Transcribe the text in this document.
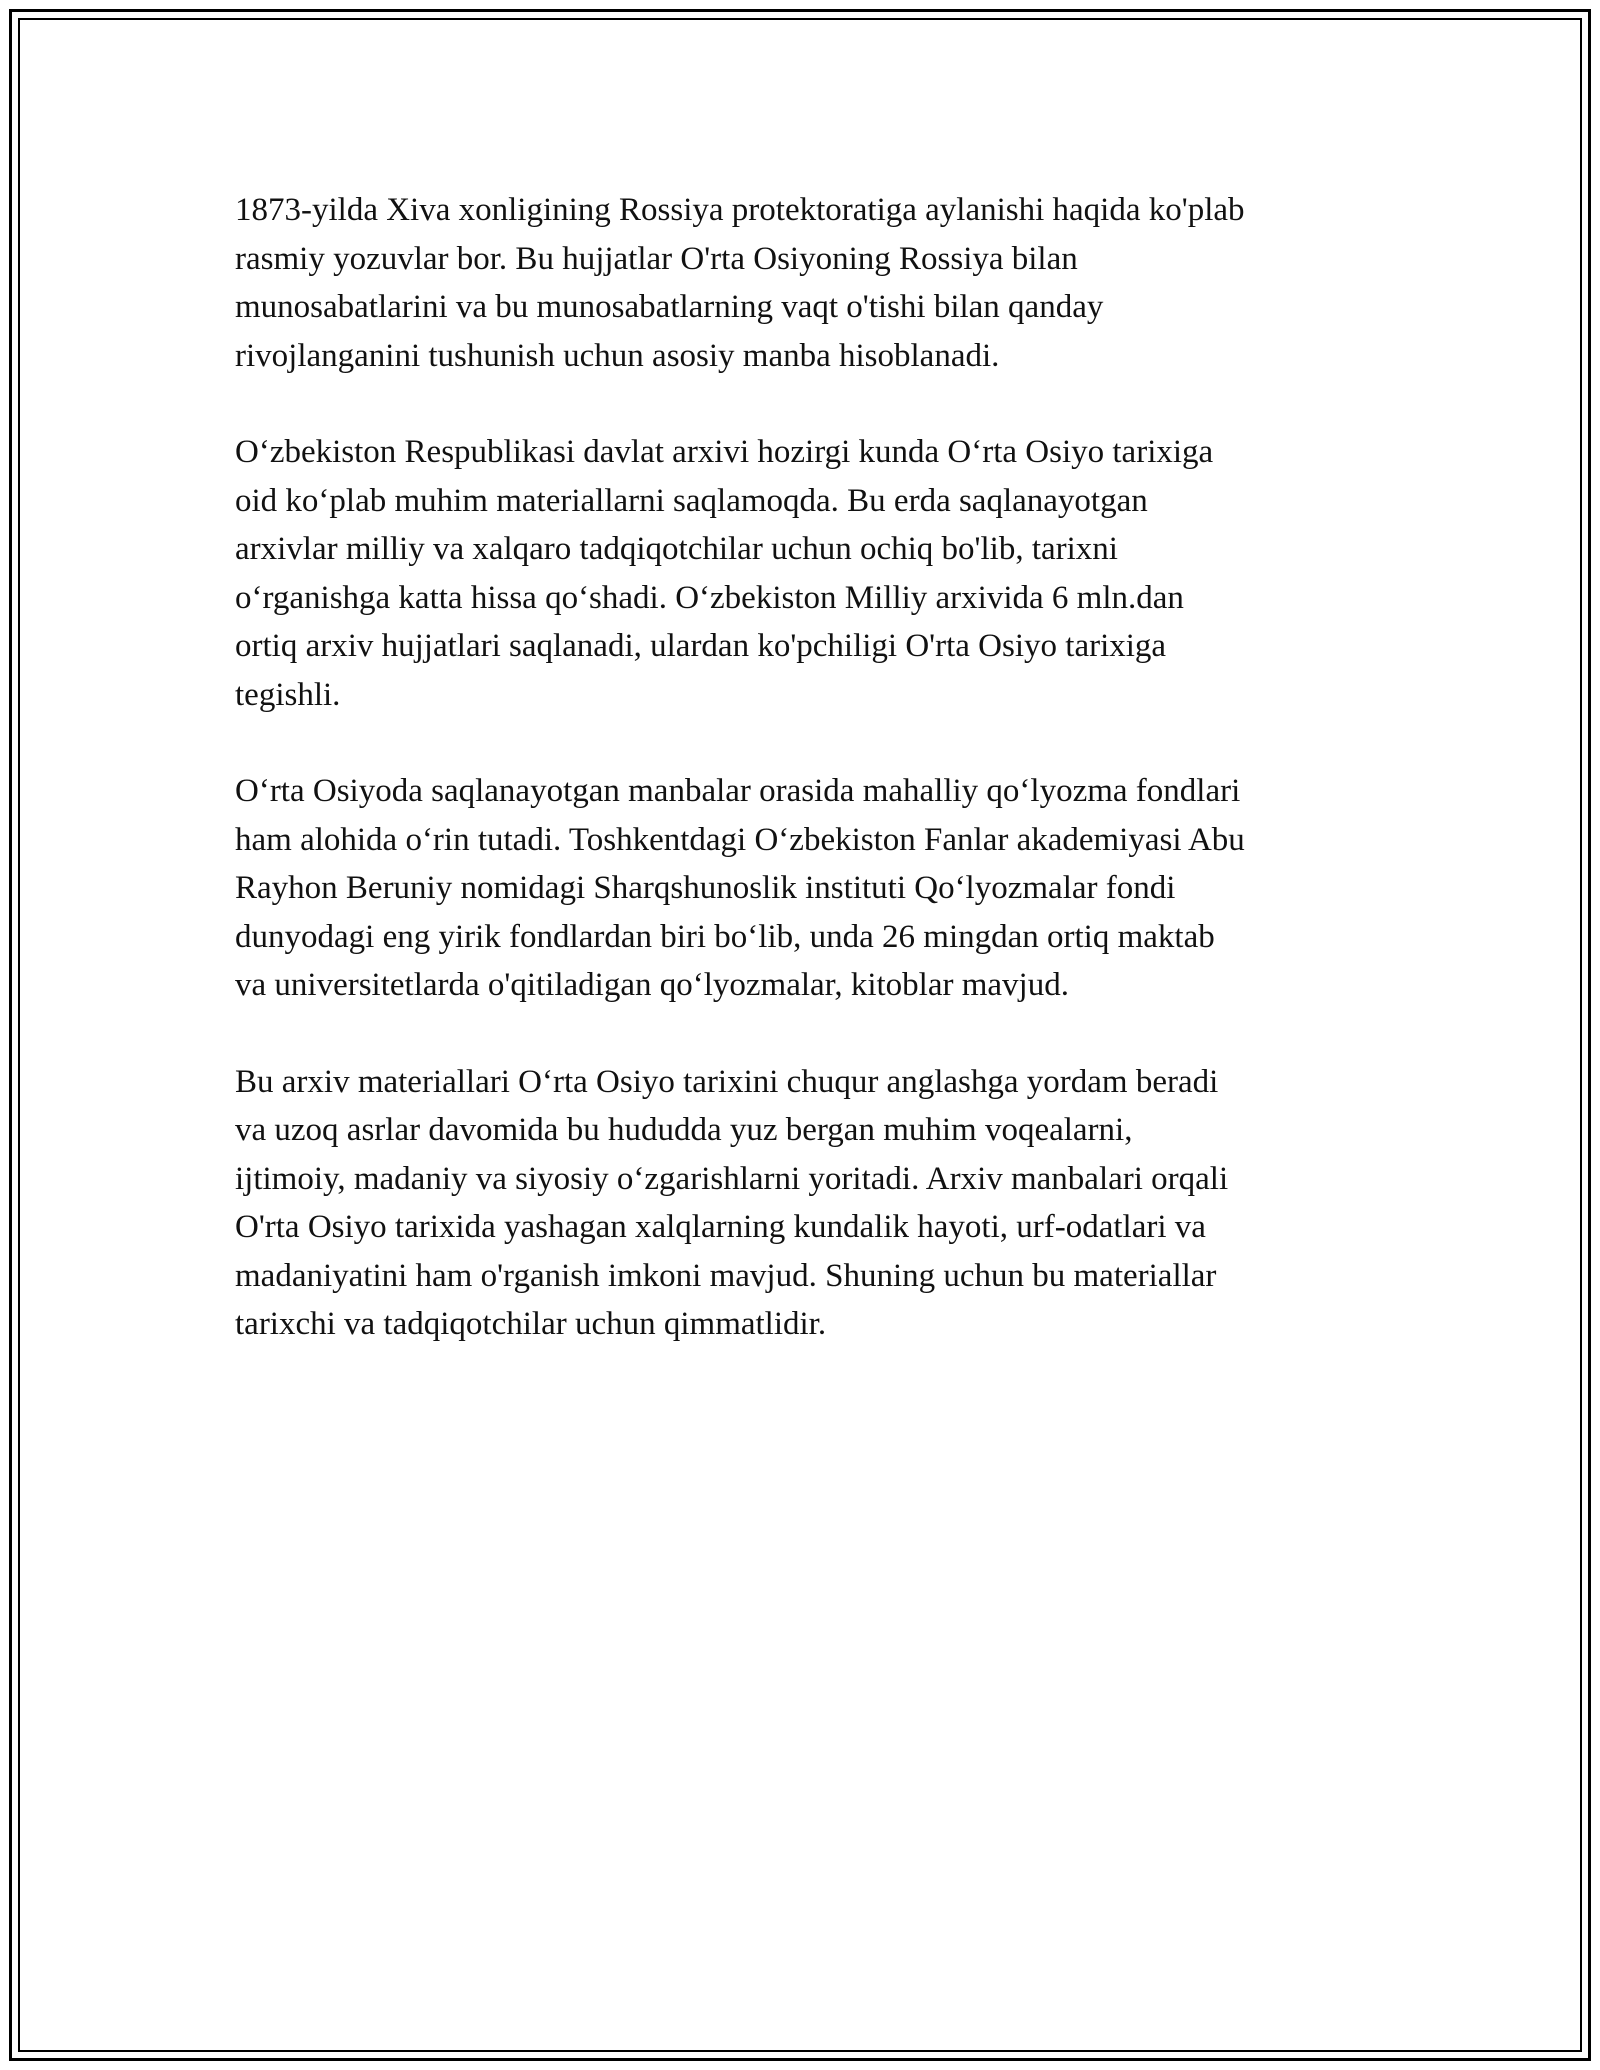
1873-yilda Xiva xonligining Rossiya protektoratiga aylanishi haqida ko'plab
rasmiy yozuvlar bor. Bu hujjatlar O'rta Osiyoning Rossiya bilan
munosabatlarini va bu munosabatlarning vaqt o'tishi bilan qanday
rivojlanganini tushunish uchun asosiy manba hisoblanadi.

O‘zbekiston Respublikasi davlat arxivi hozirgi kunda O‘rta Osiyo tarixiga
oid ko‘plab muhim materiallarni saqlamoqda. Bu erda saqlanayotgan
arxivlar milliy va xalqaro tadqiqotchilar uchun ochiq bo'lib, tarixni
o‘rganishga katta hissa qo‘shadi. O‘zbekiston Milliy arxivida 6 mln.dan
ortiq arxiv hujjatlari saqlanadi, ulardan ko'pchiligi O'rta Osiyo tarixiga
tegishli.

O‘rta Osiyoda saqlanayotgan manbalar orasida mahalliy qo‘lyozma fondlari
ham alohida o‘rin tutadi. Toshkentdagi O‘zbekiston Fanlar akademiyasi Abu
Rayhon Beruniy nomidagi Sharqshunoslik instituti Qo‘lyozmalar fondi
dunyodagi eng yirik fondlardan biri bo‘lib, unda 26 mingdan ortiq maktab
va universitetlarda o'qitiladigan qo‘lyozmalar, kitoblar mavjud.

Bu arxiv materiallari O‘rta Osiyo tarixini chuqur anglashga yordam beradi
va uzoq asrlar davomida bu hududda yuz bergan muhim voqealarni,
ijtimoiy, madaniy va siyosiy o‘zgarishlarni yoritadi. Arxiv manbalari orqali
O'rta Osiyo tarixida yashagan xalqlarning kundalik hayoti, urf-odatlari va
madaniyatini ham o'rganish imkoni mavjud. Shuning uchun bu materiallar
tarixchi va tadqiqotchilar uchun qimmatlidir.
